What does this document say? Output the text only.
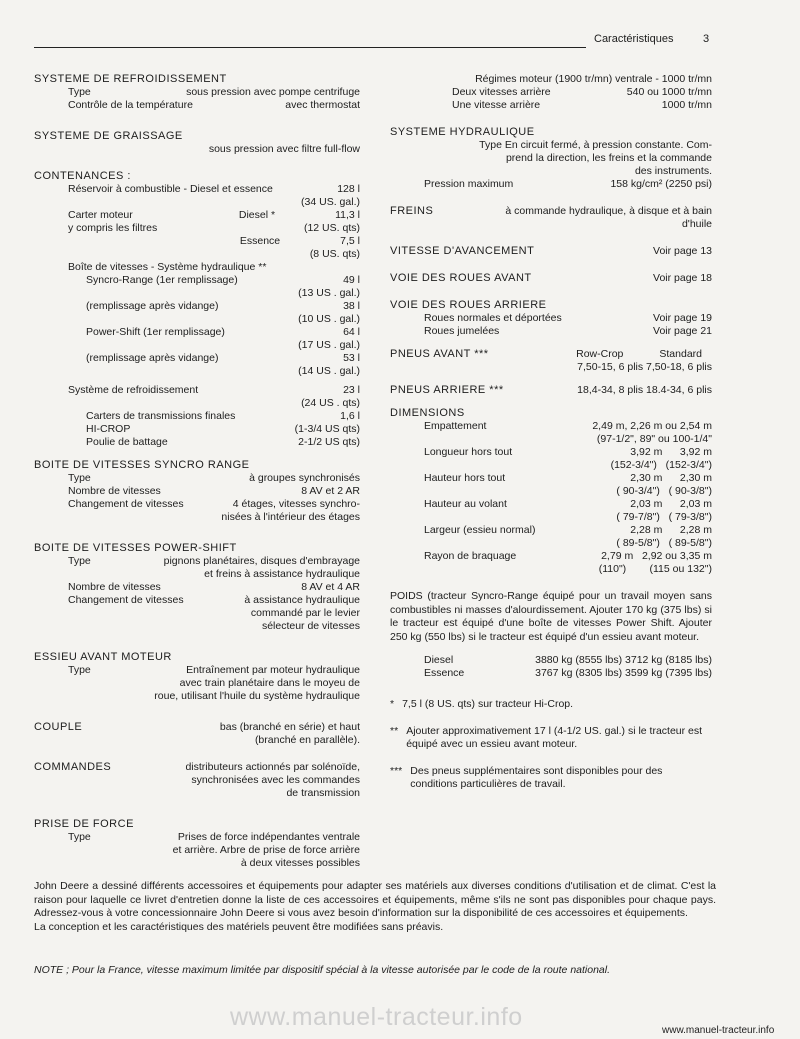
Caractéristiques	3
SYSTEME DE REFROIDISSEMENT
Type	sous pression avec pompe centrifuge
Contrôle de la température	avec thermostat
SYSTEME DE GRAISSAGE
sous pression avec filtre full-flow
CONTENANCES :
Réservoir à combustible - Diesel et essence	128 l
(34 US. gal.)
Carter moteur	Diesel *	11,3 l
y compris les filtres	(12 US. qts)
Essence	7,5 l
(8 US. qts)
Boîte de vitesses - Système hydraulique **
Syncro-Range (1er remplissage)	49 l
(13 US . gal.)
(remplissage après vidange)	38 l
(10 US . gal.)
Power-Shift (1er remplissage)	64 l
(17 US . gal.)
(remplissage après vidange)	53 l
(14 US . gal.)
Système de refroidissement	23 l
(24 US . qts)
Carters de transmissions finales	1,6 l
HI-CROP	(1-3/4 US qts)
Poulie de battage	2-1/2 US qts)
BOITE DE VITESSES SYNCRO RANGE
Type	à groupes synchronisés
Nombre de vitesses	8 AV et 2 AR
Changement de vitesses	4 étages, vitesses synchro-
nisées à l'intérieur des étages
BOITE DE VITESSES POWER-SHIFT
Type	pignons planétaires, disques d'embrayage
et freins à assistance hydraulique
Nombre de vitesses	8 AV et 4 AR
Changement de vitesses	à assistance hydraulique
commandé par le levier
sélecteur de vitesses
ESSIEU AVANT MOTEUR
Type	Entraînement par moteur hydraulique
avec train planétaire dans le moyeu de
roue, utilisant l'huile du système hydraulique
COUPLE	bas (branché en série) et haut
(branché en parallèle).
COMMANDES	distributeurs actionnés par solénoïde,
synchronisées avec les commandes
de transmission
PRISE DE FORCE
Type	Prises de force indépendantes ventrale
et arrière. Arbre de prise de force arrière
à deux vitesses possibles
Régimes moteur (1900 tr/mn) ventrale - 1000 tr/mn
Deux vitesses arrière	540 ou 1000 tr/mn
Une vitesse arrière	1000 tr/mn
SYSTEME HYDRAULIQUE
Type En circuit fermé, à pression constante. Com-
prend la direction, les freins et la commande
des instruments.
Pression maximum	158 kg/cm² (2250 psi)
FREINS	à commande hydraulique, à disque et à bain
d'huile
VITESSE D'AVANCEMENT	Voir page 13
VOIE DES ROUES AVANT	Voir page 18
VOIE DES ROUES ARRIERE
Roues normales et déportées	Voir page 19
Roues jumelées	Voir page 21
PNEUS AVANT ***	Row-Crop	Standard
7,50-15, 6 plis 7,50-18, 6 plis
PNEUS ARRIERE ***	18,4-34, 8 plis 18.4-34, 6 plis
DIMENSIONS
Empattement	2,49 m, 2,26 m ou 2,54 m
(97-1/2", 89" ou 100-1/4"
Longueur hors tout	3,92 m      3,92 m
(152-3/4")   (152-3/4")
Hauteur hors tout	2,30 m      2,30 m
( 90-3/4")   ( 90-3/8")
Hauteur au volant	2,03 m      2,03 m
( 79-7/8")   ( 79-3/8")
Largeur (essieu normal)	2,28 m      2,28 m
( 89-5/8")   ( 89-5/8")
Rayon de braquage	2,79 m   2,92 ou 3,35 m
(110")        (115 ou 132")
POIDS (tracteur Syncro-Range équipé pour un travail moyen sans combustibles ni masses d'alourdissement. Ajouter 170 kg (375 lbs) si le tracteur est équipé d'une boîte de vitesses Power Shift. Ajouter 250 kg (550 lbs) si le tracteur est équipé d'un essieu avant moteur.
Diesel	3880 kg (8555 lbs) 3712 kg (8185 lbs)
Essence	3767 kg (8305 lbs) 3599 kg (7395 lbs)
* 7,5 l (8 US. qts) sur tracteur Hi-Crop.
** Ajouter approximativement 17 l (4-1/2 US. gal.) si le tracteur est équipé avec un essieu avant moteur.
*** Des pneus supplémentaires sont disponibles pour des conditions particulières de travail.
John Deere a dessiné différents accessoires et équipements pour adapter ses matériels aux diverses conditions d'utilisation et de climat. C'est la raison pour laquelle ce livret d'entretien donne la liste de ces accessoires et équipements, même s'ils ne sont pas disponibles pour chaque pays. Adressez-vous à votre concessionnaire John Deere si vous avez besoin d'information sur la disponibilité de ces accessoires et équipements.
La conception et les caractéristiques des matériels peuvent être modifiées sans préavis.
NOTE ; Pour la France, vitesse maximum limitée par dispositif spécial à la vitesse autorisée par le code de la route national.
www.manuel-tracteur.info	www.manuel-tracteur.info
